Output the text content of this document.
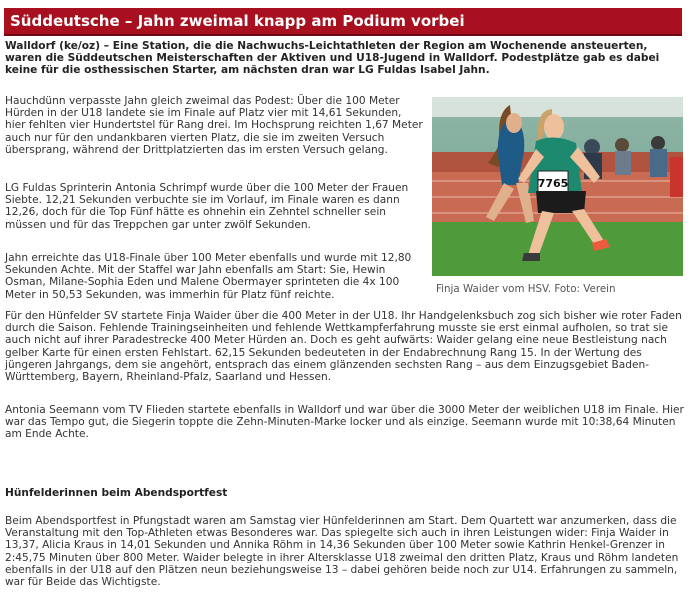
Süddeutsche – Jahn zweimal knapp am Podium vorbei

Walldorf (ke/oz) – Eine Station, die die Nachwuchs-Leichtathleten der Region am Wochenende ansteuerten, waren die Süddeutschen Meisterschaften der Aktiven und U18-Jugend in Walldorf. Podestplätze gab es dabei keine für die osthessischen Starter, am nächsten dran war LG Fuldas Isabel Jahn.

Hauchdünn verpasste Jahn gleich zweimal das Podest: Über die 100 Meter Hürden in der U18 landete sie im Finale auf Platz vier mit 14,61 Sekunden, hier fehlten vier Hundertstel für Rang drei. Im Hochsprung reichten 1,67 Meter auch nur für den undankbaren vierten Platz, die sie im zweiten Versuch übersprang, während der Drittplatzierten das im ersten Versuch gelang.

LG Fuldas Sprinterin Antonia Schrimpf wurde über die 100 Meter der Frauen Siebte. 12,21 Sekunden verbuchte sie im Vorlauf, im Finale waren es dann 12,26, doch für die Top Fünf hätte es ohnehin ein Zehntel schneller sein müssen und für das Treppchen gar unter zwölf Sekunden.

Jahn erreichte das U18-Finale über 100 Meter ebenfalls und wurde mit 12,80 Sekunden Achte. Mit der Staffel war Jahn ebenfalls am Start: Sie, Hewin Osman, Milane-Sophia Eden und Malene Obermayer sprinteten die 4x 100 Meter in 50,53 Sekunden, was immerhin für Platz fünf reichte.

Für den Hünfelder SV startete Finja Waider über die 400 Meter in der U18. Ihr Handgelenksbuch zog sich bisher wie roter Faden durch die Saison. Fehlende Trainingseinheiten und fehlende Wettkampferfahrung musste sie erst einmal aufholen, so trat sie auch nicht auf ihrer Paradestrecke 400 Meter Hürden an. Doch es geht aufwärts: Waider gelang eine neue Bestleistung nach gelber Karte für einen ersten Fehlstart. 62,15 Sekunden bedeuteten in der Endabrechnung Rang 15. In der Wertung des jüngeren Jahrgangs, dem sie angehört, entsprach das einem glänzenden sechsten Rang – aus dem Einzugsgebiet Baden-Württemberg, Bayern, Rheinland-Pfalz, Saarland und Hessen.

Antonia Seemann vom TV Flieden startete ebenfalls in Walldorf und war über die 3000 Meter der weiblichen U18 im Finale. Hier war das Tempo gut, die Siegerin toppte die Zehn-Minuten-Marke locker und als einzige. Seemann wurde mit 10:38,64 Minuten am Ende Achte.

Hünfelderinnen beim Abendsportfest

Beim Abendsportfest in Pfungstadt waren am Samstag vier Hünfelderinnen am Start. Dem Quartett war anzumerken, dass die Veranstaltung mit den Top-Athleten etwas Besonderes war. Das spiegelte sich auch in ihren Leistungen wider: Finja Waider in 13,37, Alicia Kraus in 14,01 Sekunden und Annika Röhm in 14,36 Sekunden über 100 Meter sowie Kathrin Henkel-Grenzer in 2:45,75 Minuten über 800 Meter. Waider belegte in ihrer Altersklasse U18 zweimal den dritten Platz, Kraus und Röhm landeten ebenfalls in der U18 auf den Plätzen neun beziehungsweise 13 – dabei gehören beide noch zur U14. Erfahrungen zu sammeln, war für Beide das Wichtigste.

7765
Finja Waider vom HSV. Foto: Verein
